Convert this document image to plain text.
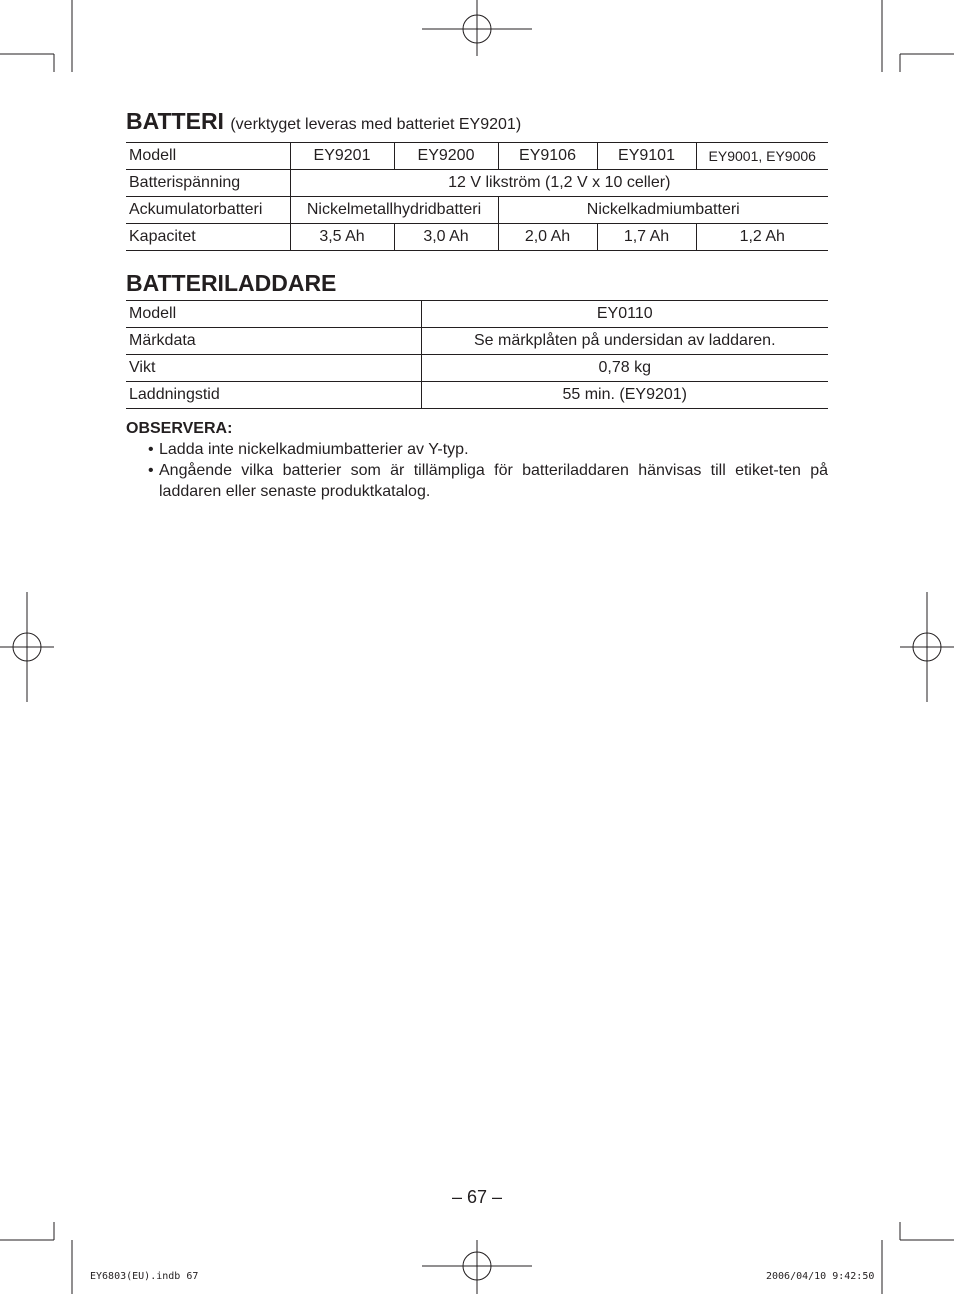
BATTERI (verktyget leveras med batteriet EY9201)
Modell	EY9201	EY9200	EY9106	EY9101	EY9001, EY9006
Batterispänning	12 V likström (1,2 V x 10 celler)				
Ackumulatorbatteri	Nickelmetallhydridbatteri		Nickelkadmiumbatteri		
Kapacitet	3,5 Ah	3,0 Ah	2,0 Ah	1,7 Ah	1,2 Ah
BATTERILADDARE
Modell	EY0110
Märkdata	Se märkplåten på undersidan av laddaren.
Vikt	0,78 kg
Laddningstid	55 min. (EY9201)
OBSERVERA:
• Ladda inte nickelkadmiumbatterier av Y-typ.
• Angående vilka batterier som är tillämpliga för batteriladdaren hänvisas till etiket-ten på laddaren eller senaste produktkatalog.
– 67 –
EY6803(EU).indb 67	2006/04/10 9:42:50
